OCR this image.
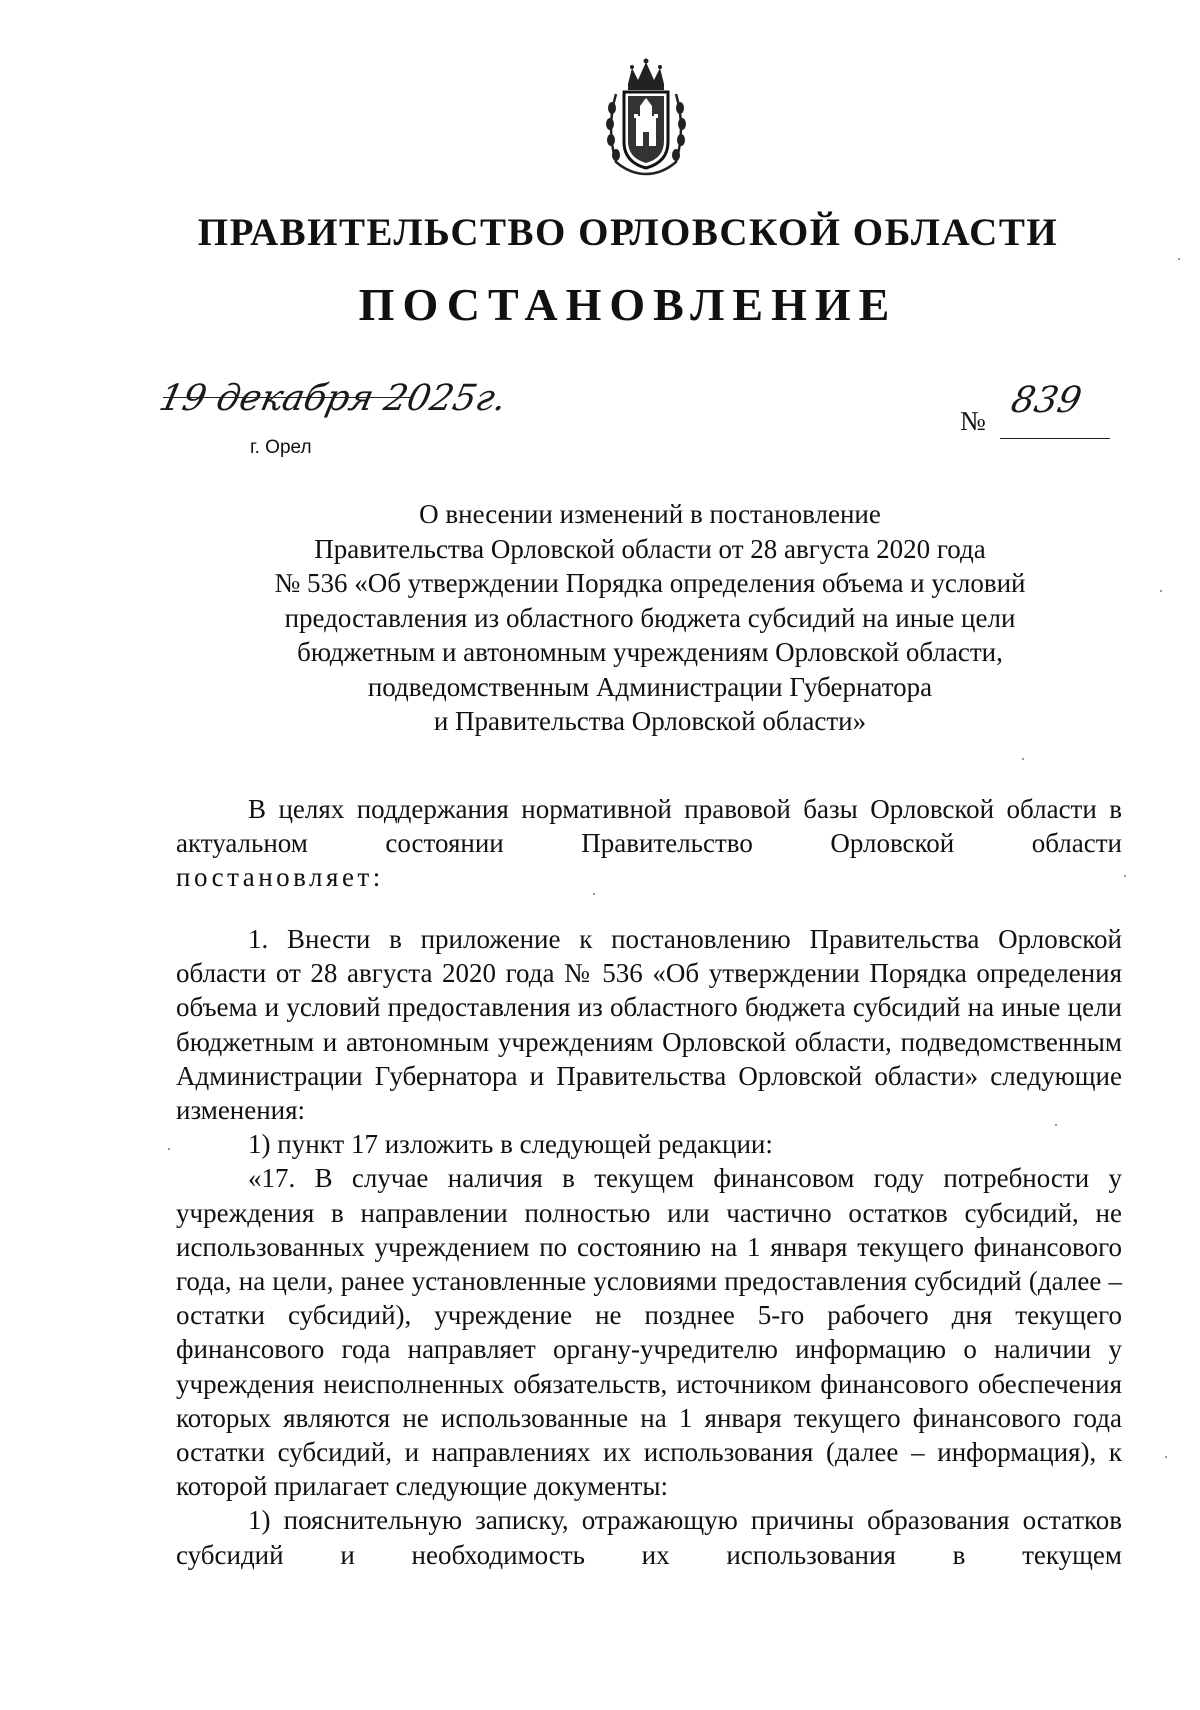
ПРАВИТЕЛЬСТВО ОРЛОВСКОЙ ОБЛАСТИ
ПОСТАНОВЛЕНИЕ
19 декабря 2025г.
г. Орел
№ 839
О внесении изменений в постановление
Правительства Орловской области от 28 августа 2020 года
№ 536 «Об утверждении Порядка определения объема и условий
предоставления из областного бюджета субсидий на иные цели
бюджетным и автономным учреждениям Орловской области,
подведомственным Администрации Губернатора
и Правительства Орловской области»

В целях поддержания нормативной правовой базы Орловской области в актуальном состоянии Правительство Орловской области

постановляет:

1. Внести в приложение к постановлению Правительства Орловской области от 28 августа 2020 года № 536 «Об утверждении Порядка определения объема и условий предоставления из областного бюджета субсидий на иные цели бюджетным и автономным учреждениям Орловской области, подведомственным Администрации Губернатора и Правительства Орловской области» следующие изменения:

1) пункт 17 изложить в следующей редакции:

«17. В случае наличия в текущем финансовом году потребности у учреждения в направлении полностью или частично остатков субсидий, не использованных учреждением по состоянию на 1 января текущего финансового года, на цели, ранее установленные условиями предоставления субсидий (далее – остатки субсидий), учреждение не позднее 5-го рабочего дня текущего финансового года направляет органу-учредителю информацию о наличии у учреждения неисполненных обязательств, источником финансового обеспечения которых являются не использованные на 1 января текущего финансового года остатки субсидий, и направлениях их использования (далее – информация), к которой прилагает следующие документы:

1) пояснительную записку, отражающую причины образования остатков субсидий и необходимость их использования в текущем
